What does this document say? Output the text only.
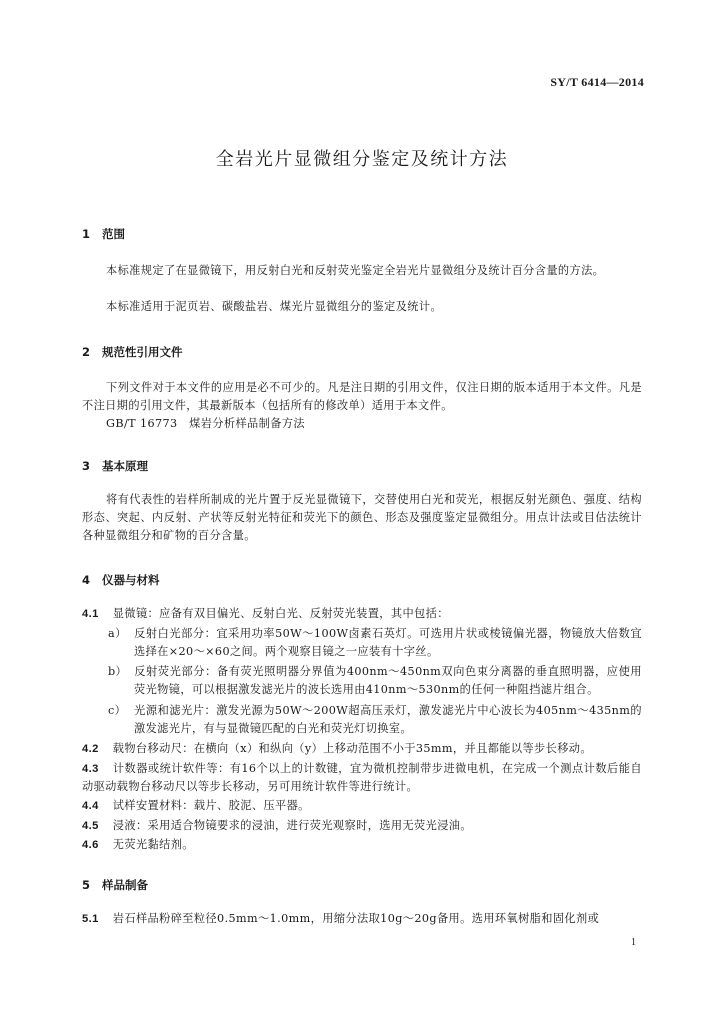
SY/T 6414—2014
全岩光片显微组分鉴定及统计方法
1 范围
本标准规定了在显微镜下，用反射白光和反射荧光鉴定全岩光片显微组分及统计百分含量的方法。
本标准适用于泥页岩、碳酸盐岩、煤光片显微组分的鉴定及统计。
2 规范性引用文件
下列文件对于本文件的应用是必不可少的。凡是注日期的引用文件，仅注日期的版本适用于本文件。凡是不注日期的引用文件，其最新版本（包括所有的修改单）适用于本文件。
GB/T 16773　煤岩分析样品制备方法
3 基本原理
将有代表性的岩样所制成的光片置于反光显微镜下，交替使用白光和荧光，根据反射光颜色、强度、结构形态、突起、内反射、产状等反射光特征和荧光下的颜色、形态及强度鉴定显微组分。用点计法或目估法统计各种显微组分和矿物的百分含量。
4 仪器与材料
4.1 显微镜：应备有双目偏光、反射白光、反射荧光装置，其中包括：
a） 反射白光部分：宜采用功率50W～100W卤素石英灯。可选用片状或棱镜偏光器，物镜放大倍数宜选择在×20～×60之间。两个观察目镜之一应装有十字丝。
b） 反射荧光部分：备有荧光照明器分界值为400nm～450nm双向色束分离器的垂直照明器，应使用荧光物镜，可以根据激发滤光片的波长选用由410nm～530nm的任何一种阻挡滤片组合。
c） 光源和滤光片：激发光源为50W～200W超高压汞灯，激发滤光片中心波长为405nm～435nm的激发滤光片，有与显微镜匹配的白光和荧光灯切换室。
4.2 载物台移动尺：在横向（x）和纵向（y）上移动范围不小于35mm，并且都能以等步长移动。
4.3 计数器或统计软件等：有16个以上的计数键，宜为微机控制带步进微电机，在完成一个测点计数后能自动驱动载物台移动尺以等步长移动，另可用统计软件等进行统计。
4.4 试样安置材料：载片、胶泥、压平器。
4.5 浸液：采用适合物镜要求的浸油，进行荧光观察时，选用无荧光浸油。
4.6 无荧光黏结剂。
5 样品制备
5.1 岩石样品粉碎至粒径0.5mm～1.0mm，用缩分法取10g～20g备用。选用环氧树脂和固化剂或
1
